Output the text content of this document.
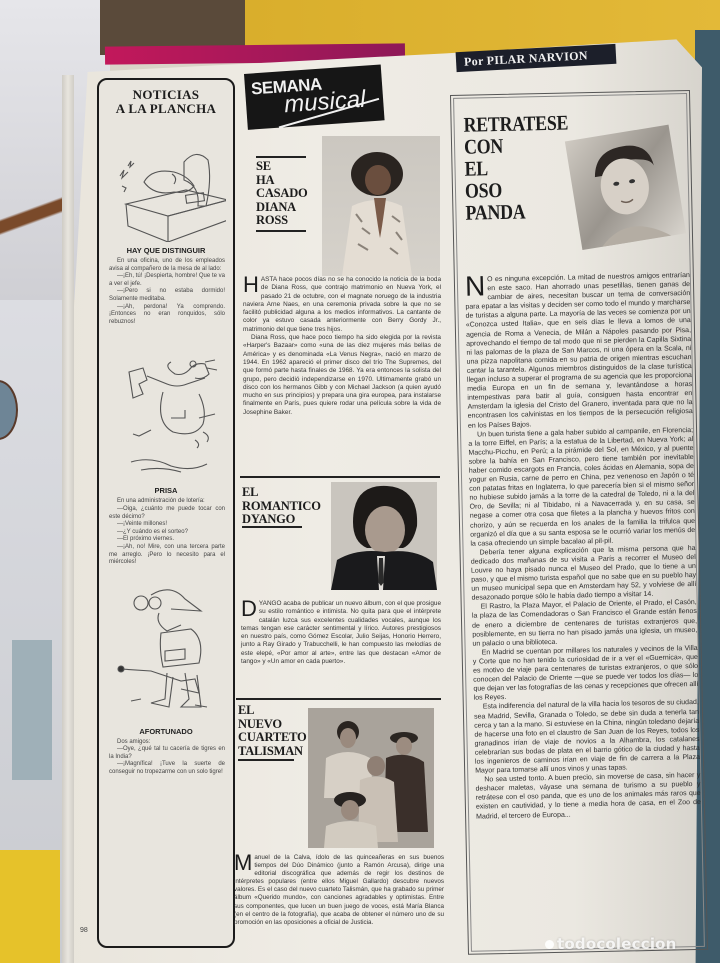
NOTICIAS
A LA PLANCHA
HAY QUE DISTINGUIR

En una oficina, uno de los empleados avisa al compañero de la mesa de al lado:

—¡Eh, tú! ¡Despierta, hombre! Que te va a ver el jefe.

—¡Pero si no estaba dormido! Solamente meditaba.

—¡Ah, perdona! Ya comprendo. ¡Entonces no eran ronquidos, sólo rebuznos!

PRISA

En una administración de lotería:

—Oiga, ¿cuánto me puede tocar con este décimo?

—¡Veinte millones!

—¿Y cuándo es el sorteo?

—El próximo viernes.

—¡Ah, no! Mire, con una tercera parte me arreglo. ¡Pero lo necesito para el miércoles!

AFORTUNADO

Dos amigos:

—Oye, ¿qué tal tu cacería de tigres en la India?

—¡Magnífica! ¡Tuve la suerte de conseguir no tropezarme con un solo tigre!

98
SEMANA
musical
SE
HA
CASADO
DIANA
ROSS

HASTA hace pocos días no se ha conocido la noticia de la boda de Diana Ross, que contrajo matrimonio en Nueva York, el pasado 21 de octubre, con el magnate noruego de la industria naviera Arne Naes, en una ceremonia privada sobre la que no se facilitó publicidad alguna a los medios informativos. La cantante de color ya estuvo casada anteriormente con Berry Gordy Jr., matrimonio del que tiene tres hijos.

Diana Ross, que hace poco tiempo ha sido elegida por la revista «Harper's Bazaar» como «una de las diez mujeres más bellas de América» y es denominada «La Venus Negra», nació en marzo de 1944. En 1962 apareció el primer disco del trío The Supremes, del que formó parte hasta finales de 1968. Ya era entonces la solista del grupo, pero decidió independizarse en 1970. Ultimamente grabó un disco con los hermanos Gibb y con Michael Jackson (a quien ayudó mucho en sus principios) y prepara una gira europea, para instalarse finalmente en París, pues quiere rodar una película sobre la vida de Josephine Baker.

EL
ROMANTICO
DYANGO

DYANGO acaba de publicar un nuevo álbum, con el que prosigue su estilo romántico e intimista. No quita para que el intérprete catalán luzca sus excelentes cualidades vocales, aunque los temas tengan ese carácter sentimental y lírico. Autores prestigiosos en nuestro país, como Gómez Escolar, Julio Seijas, Honorio Herrero, junto a Ray Girado y Trabucchelli, le han compuesto las melodías de este elepé, «Por amor al arte», entre las que destacan «Amor de tango» y «Un amor en cada puerto».

EL
NUEVO
CUARTETO
TALISMAN

Manuel de la Calva, ídolo de las quinceañeras en sus buenos tiempos del Dúo Dinámico (junto a Ramón Arcusa), dirige una editorial discográfica que además de regir los destinos de intérpretes populares (entre ellos Miguel Gallardo) descubre nuevos valores. Es el caso del nuevo cuarteto Talismán, que ha grabado su primer álbum «Querido mundo», con canciones agradables y optimistas. Entre sus componentes, que lucen un buen juego de voces, está María Blanca (en el centro de la fotografía), que acaba de obtener el número uno de su promoción en las oposiciones a oficial de Justicia.

Por PILAR NARVION
RETRATESE
CON
EL
OSO
PANDA

N O es ninguna excepción. La mitad de nuestros amigos entrarían en este saco. Han ahorrado unas pesetillas, tienen ganas de cambiar de aires, necesitan buscar un tema de conversación para epatar a las visitas y deciden ser como todo el mundo y marcharse de turistas a alguna parte. La mayoría de las veces se comienza por un «Conozca usted Italia», que en seis días le lleva a lomos de una agencia de Roma a Venecia, de Milán a Nápoles pasando por Pisa, aprovechando el tiempo de tal modo que ni se pierden la Capilla Sixtina ni las palomas de la plaza de San Marcos, ni una ópera en la Scala, ni una pizza napolitana comida en su patria de origen mientras escuchan cantar la tarantela. Algunos miembros distinguidos de la clase turística llegan incluso a superar el programa de su agencia que les proporciona media Europa en un fin de semana y, levantándose a horas intempestivas para batir al guía, consiguen hasta encontrar en Amsterdam la iglesia del Cristo del Granero, inventada para que no la encontrasen los calvinistas en los tiempos de la persecución religiosa en los Países Bajos.

Un buen turista tiene a gala haber subido al campanile, en Florencia; a la torre Eiffel, en París; a la estatua de la Libertad, en Nueva York; al Macchu-Picchu, en Perú; a la pirámide del Sol, en México, y al puente sobre la bahía en San Francisco, pero tiene también por inevitable haber comido escargots en Francia, coles ácidas en Alemania, sopa de yogur en Rusia, carne de perro en China, pez venenoso en Japón o té con patatas fritas en Inglaterra, lo que parecería bien si el mismo señor no hubiese subido jamás a la torre de la catedral de Toledo, ni a la del Oro, de Sevilla; ni al Tibidabo, ni a Navacerrada y, en su casa, se negase a comer otra cosa que filetes a la plancha y huevos fritos con chorizo, y aún se recuerda en los anales de la familia la trifulca que organizó el día que a su santa esposa se le ocurrió variar los menús de la casa ofreciendo un simple bacalao al pil-pil.

Debería tener alguna explicación que la misma persona que ha dedicado dos mañanas de su visita a París a recorrer el Museo del Louvre no haya pisado nunca el Museo del Prado, que lo tiene a un paso, y que el mismo turista español que no sabe que en su pueblo hay un museo municipal sepa que en Amsterdam hay 52, y volviese de allí desazonado porque sólo le había dado tiempo a visitar 14.

El Rastro, la Plaza Mayor, el Palacio de Oriente, el Prado, el Casón, la plaza de las Comendadoras o San Francisco el Grande están llenos de enero a diciembre de centenares de turistas extranjeros que, posiblemente, en su tierra no han pisado jamás una iglesia, un museo, un palacio o una biblioteca.

En Madrid se cuentan por millares los naturales y vecinos de la Villa y Corte que no han tenido la curiosidad de ir a ver el «Guernica», que es motivo de viaje para centenares de turistas extranjeros, o que sólo conocen del Palacio de Oriente —que se puede ver todos los días— lo que dejan ver las fotografías de las cenas y recepciones que ofrecen allí los Reyes.

Esta indiferencia del natural de la villa hacia los tesoros de su ciudad, sea Madrid, Sevilla, Granada o Toledo, se debe sin duda a tenerla tan cerca y tan a la mano. Si estuviese en la China, ningún toledano dejaría de hacerse una foto en el claustro de San Juan de los Reyes, todos los granadinos irían de viaje de novios a la Alhambra, los catalanes celebrarían sus bodas de plata en el barrio gótico de la ciudad y hasta los ingenieros de caminos irían en viaje de fin de carrera a la Plaza Mayor para tomarse allí unos vinos y unas tapas.

No sea usted tonto. A buen precio, sin moverse de casa, sin hacer y deshacer maletas, váyase una semana de turismo a su pueblo y retrátese con el oso panda, que es uno de los animales más raros que existen en cautividad, y lo tiene a media hora de casa, en el Zoo de Madrid, el tercero de Europa...

todocoleccion
